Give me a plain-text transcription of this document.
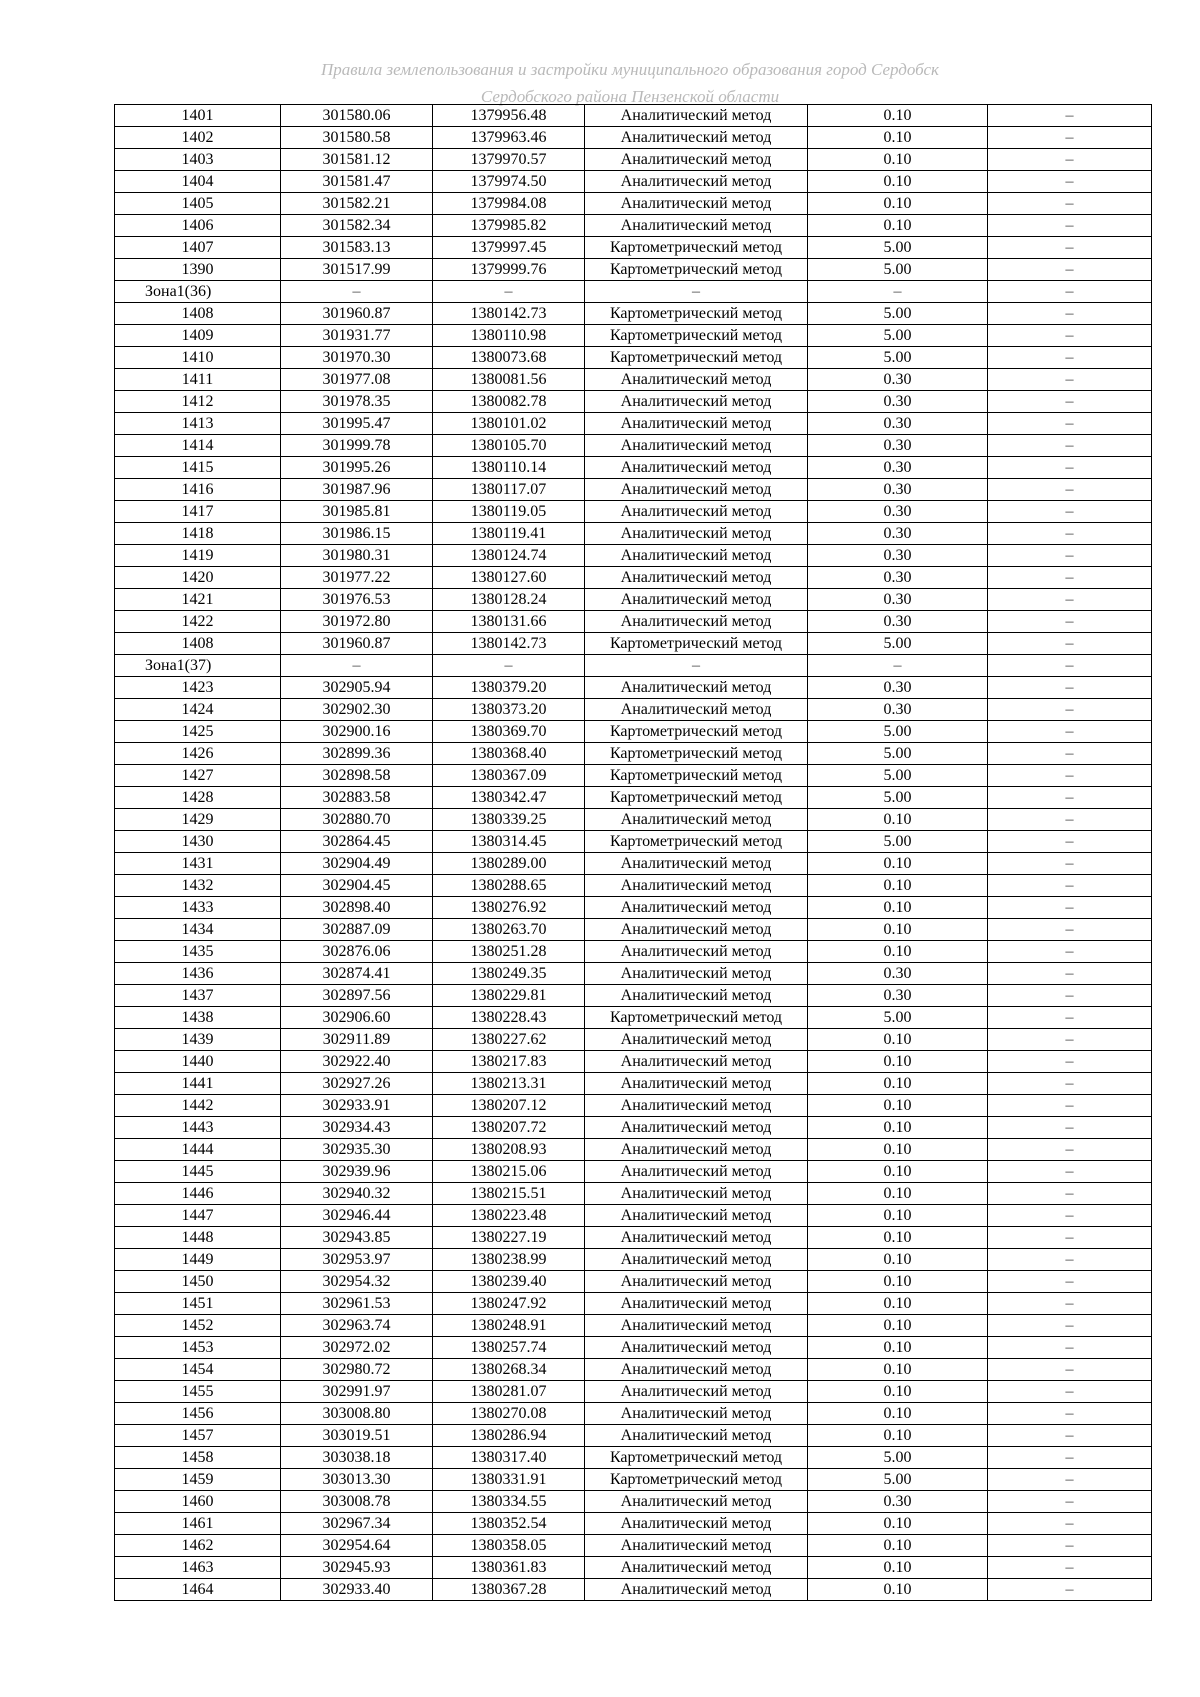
Правила землепользования и застройки муниципального образования город Сердобск
Сердобского района Пензенской области
1401	301580.06	1379956.48	Аналитический метод	0.10	–
1402	301580.58	1379963.46	Аналитический метод	0.10	–
1403	301581.12	1379970.57	Аналитический метод	0.10	–
1404	301581.47	1379974.50	Аналитический метод	0.10	–
1405	301582.21	1379984.08	Аналитический метод	0.10	–
1406	301582.34	1379985.82	Аналитический метод	0.10	–
1407	301583.13	1379997.45	Картометрический метод	5.00	–
1390	301517.99	1379999.76	Картометрический метод	5.00	–
Зона1(36)	–	–	–	–	–
1408	301960.87	1380142.73	Картометрический метод	5.00	–
1409	301931.77	1380110.98	Картометрический метод	5.00	–
1410	301970.30	1380073.68	Картометрический метод	5.00	–
1411	301977.08	1380081.56	Аналитический метод	0.30	–
1412	301978.35	1380082.78	Аналитический метод	0.30	–
1413	301995.47	1380101.02	Аналитический метод	0.30	–
1414	301999.78	1380105.70	Аналитический метод	0.30	–
1415	301995.26	1380110.14	Аналитический метод	0.30	–
1416	301987.96	1380117.07	Аналитический метод	0.30	–
1417	301985.81	1380119.05	Аналитический метод	0.30	–
1418	301986.15	1380119.41	Аналитический метод	0.30	–
1419	301980.31	1380124.74	Аналитический метод	0.30	–
1420	301977.22	1380127.60	Аналитический метод	0.30	–
1421	301976.53	1380128.24	Аналитический метод	0.30	–
1422	301972.80	1380131.66	Аналитический метод	0.30	–
1408	301960.87	1380142.73	Картометрический метод	5.00	–
Зона1(37)	–	–	–	–	–
1423	302905.94	1380379.20	Аналитический метод	0.30	–
1424	302902.30	1380373.20	Аналитический метод	0.30	–
1425	302900.16	1380369.70	Картометрический метод	5.00	–
1426	302899.36	1380368.40	Картометрический метод	5.00	–
1427	302898.58	1380367.09	Картометрический метод	5.00	–
1428	302883.58	1380342.47	Картометрический метод	5.00	–
1429	302880.70	1380339.25	Аналитический метод	0.10	–
1430	302864.45	1380314.45	Картометрический метод	5.00	–
1431	302904.49	1380289.00	Аналитический метод	0.10	–
1432	302904.45	1380288.65	Аналитический метод	0.10	–
1433	302898.40	1380276.92	Аналитический метод	0.10	–
1434	302887.09	1380263.70	Аналитический метод	0.10	–
1435	302876.06	1380251.28	Аналитический метод	0.10	–
1436	302874.41	1380249.35	Аналитический метод	0.30	–
1437	302897.56	1380229.81	Аналитический метод	0.30	–
1438	302906.60	1380228.43	Картометрический метод	5.00	–
1439	302911.89	1380227.62	Аналитический метод	0.10	–
1440	302922.40	1380217.83	Аналитический метод	0.10	–
1441	302927.26	1380213.31	Аналитический метод	0.10	–
1442	302933.91	1380207.12	Аналитический метод	0.10	–
1443	302934.43	1380207.72	Аналитический метод	0.10	–
1444	302935.30	1380208.93	Аналитический метод	0.10	–
1445	302939.96	1380215.06	Аналитический метод	0.10	–
1446	302940.32	1380215.51	Аналитический метод	0.10	–
1447	302946.44	1380223.48	Аналитический метод	0.10	–
1448	302943.85	1380227.19	Аналитический метод	0.10	–
1449	302953.97	1380238.99	Аналитический метод	0.10	–
1450	302954.32	1380239.40	Аналитический метод	0.10	–
1451	302961.53	1380247.92	Аналитический метод	0.10	–
1452	302963.74	1380248.91	Аналитический метод	0.10	–
1453	302972.02	1380257.74	Аналитический метод	0.10	–
1454	302980.72	1380268.34	Аналитический метод	0.10	–
1455	302991.97	1380281.07	Аналитический метод	0.10	–
1456	303008.80	1380270.08	Аналитический метод	0.10	–
1457	303019.51	1380286.94	Аналитический метод	0.10	–
1458	303038.18	1380317.40	Картометрический метод	5.00	–
1459	303013.30	1380331.91	Картометрический метод	5.00	–
1460	303008.78	1380334.55	Аналитический метод	0.30	–
1461	302967.34	1380352.54	Аналитический метод	0.10	–
1462	302954.64	1380358.05	Аналитический метод	0.10	–
1463	302945.93	1380361.83	Аналитический метод	0.10	–
1464	302933.40	1380367.28	Аналитический метод	0.10	–
